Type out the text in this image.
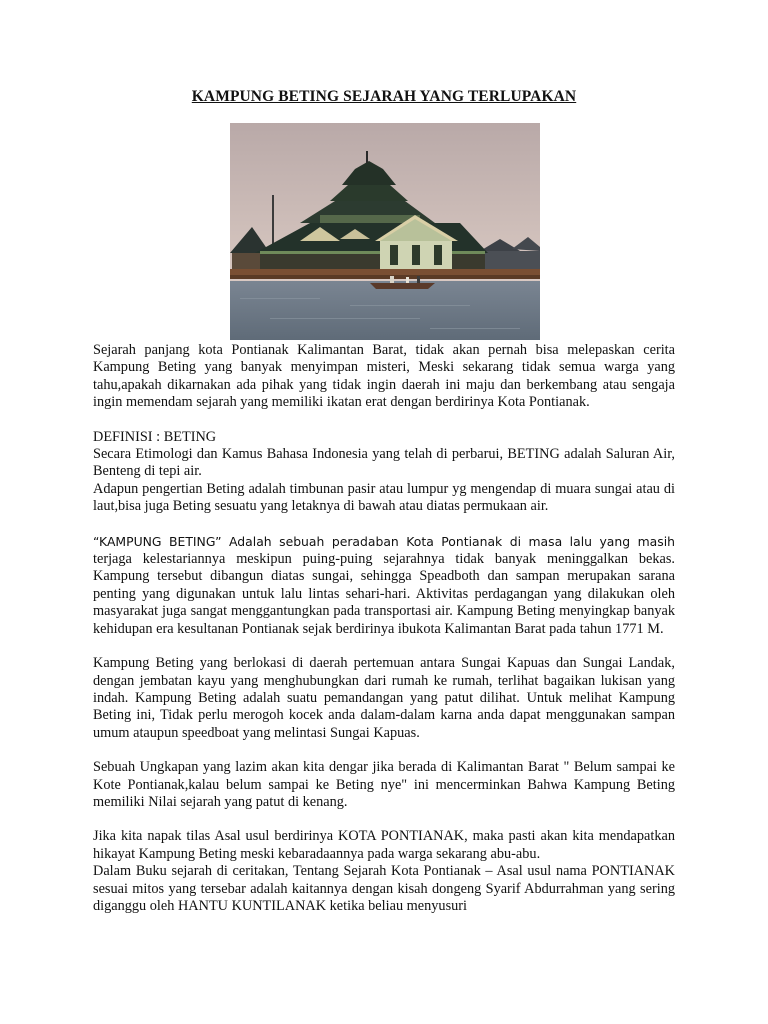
KAMPUNG BETING SEJARAH YANG TERLUPAKAN

Sejarah panjang kota Pontianak Kalimantan Barat, tidak akan pernah bisa melepaskan cerita Kampung Beting yang banyak menyimpan misteri, Meski sekarang tidak semua warga yang tahu,apakah dikarnakan ada pihak yang tidak ingin daerah ini maju dan berkembang atau sengaja ingin memendam sejarah yang memiliki ikatan erat dengan berdirinya Kota Pontianak.

DEFINISI : BETING

Secara Etimologi dan Kamus Bahasa Indonesia yang telah di perbarui, BETING adalah Saluran Air, Benteng di tepi air.

Adapun pengertian Beting adalah timbunan pasir atau lumpur yg mengendap di muara sungai atau di laut,bisa juga Beting sesuatu yang letaknya di bawah atau diatas permukaan air.

“KAMPUNG BETING” Adalah sebuah peradaban Kota Pontianak di masa lalu yang masih terjaga kelestariannya meskipun puing-puing sejarahnya tidak banyak meninggalkan bekas. Kampung tersebut dibangun diatas sungai, sehingga Speadboth dan sampan merupakan sarana penting yang digunakan untuk lalu lintas sehari-hari. Aktivitas perdagangan yang dilakukan oleh masyarakat juga sangat menggantungkan pada transportasi air. Kampung Beting menyingkap banyak kehidupan era kesultanan Pontianak sejak berdirinya ibukota Kalimantan Barat pada tahun 1771 M.

Kampung Beting yang berlokasi di daerah pertemuan antara Sungai Kapuas dan Sungai Landak, dengan jembatan kayu yang menghubungkan dari rumah ke rumah, terlihat bagaikan lukisan yang indah. Kampung Beting adalah suatu pemandangan yang patut dilihat. Untuk melihat Kampung Beting ini, Tidak perlu merogoh kocek anda dalam-dalam karna anda dapat menggunakan sampan umum ataupun speedboat yang melintasi Sungai Kapuas.

Sebuah Ungkapan yang lazim akan kita dengar jika berada di Kalimantan Barat " Belum sampai ke Kote Pontianak,kalau belum sampai ke Beting nye" ini mencerminkan Bahwa Kampung Beting memiliki Nilai sejarah yang patut di kenang.

Jika kita napak tilas Asal usul berdirinya KOTA PONTIANAK, maka pasti akan kita mendapatkan hikayat Kampung Beting meski kebaradaannya pada warga sekarang abu-abu.

Dalam Buku sejarah di ceritakan, Tentang Sejarah Kota Pontianak – Asal usul nama PONTIANAK sesuai mitos yang tersebar adalah kaitannya dengan kisah dongeng Syarif Abdurrahman yang sering diganggu oleh HANTU KUNTILANAK ketika beliau menyusuri
